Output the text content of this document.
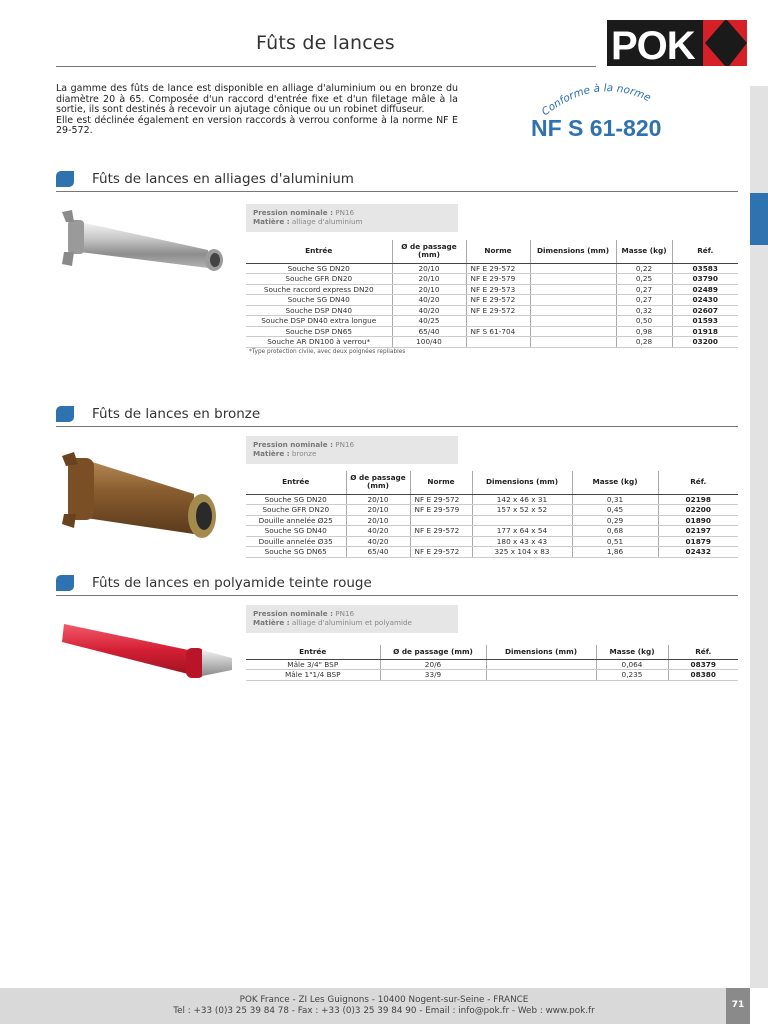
Fûts de lances	POK

La gamme des fûts de lance est disponible en alliage d'aluminium ou en bronze du diamètre 20 à 65. Composée d'un raccord d'entrée fixe et d'un filetage mâle à la sortie, ils sont destinés à recevoir un ajutage cônique ou un robinet diffuseur.

Elle est déclinée également en version raccords à verrou conforme à la norme NF E 29-572.

Conforme à la norme
NF S 61-820
Fûts de lances en alliages d'aluminium
Pression nominale : PN16
Matière : alliage d'aluminium
Entrée	Ø de passage (mm)	Norme	Dimensions (mm)	Masse (kg)	Réf.
Souche SG DN20	20/10	NF E 29-572		0,22	03583
Souche GFR DN20	20/10	NF E 29-579		0,25	03790
Souche raccord express DN20	20/10	NF E 29-573		0,27	02489
Souche SG DN40	40/20	NF E 29-572		0,27	02430
Souche DSP DN40	40/20	NF E 29-572		0,32	02607
Souche DSP DN40 extra longue	40/25			0,50	01593
Souche DSP DN65	65/40	NF S 61-704		0,98	01918
Souche AR DN100 à verrou*	100/40			0,28	03200
*Type protection civile, avec deux poignées repliables
Fûts de lances en bronze
Pression nominale : PN16
Matière : bronze
Entrée	Ø de passage (mm)	Norme	Dimensions (mm)	Masse (kg)	Réf.
Souche SG DN20	20/10	NF E 29-572	142 x 46 x 31	0,31	02198
Souche GFR DN20	20/10	NF E 29-579	157 x 52 x 52	0,45	02200
Douille annelée Ø25	20/10			0,29	01890
Souche SG DN40	40/20	NF E 29-572	177 x 64 x 54	0,68	02197
Douille annelée Ø35	40/20		180 x 43 x 43	0,51	01879
Souche SG DN65	65/40	NF E 29-572	325 x 104 x 83	1,86	02432
Fûts de lances en polyamide teinte rouge
Pression nominale : PN16
Matière : alliage d'aluminium et polyamide
Entrée	Ø de passage (mm)	Dimensions (mm)	Masse (kg)	Réf.
Mâle 3/4" BSP	20/6		0,064	08379
Mâle 1"1/4 BSP	33/9		0,235	08380
POK France - ZI Les Guignons - 10400 Nogent-sur-Seine - FRANCE
Tel : +33 (0)3 25 39 84 78 - Fax : +33 (0)3 25 39 84 90 - Email : info@pok.fr - Web : www.pok.fr
71
